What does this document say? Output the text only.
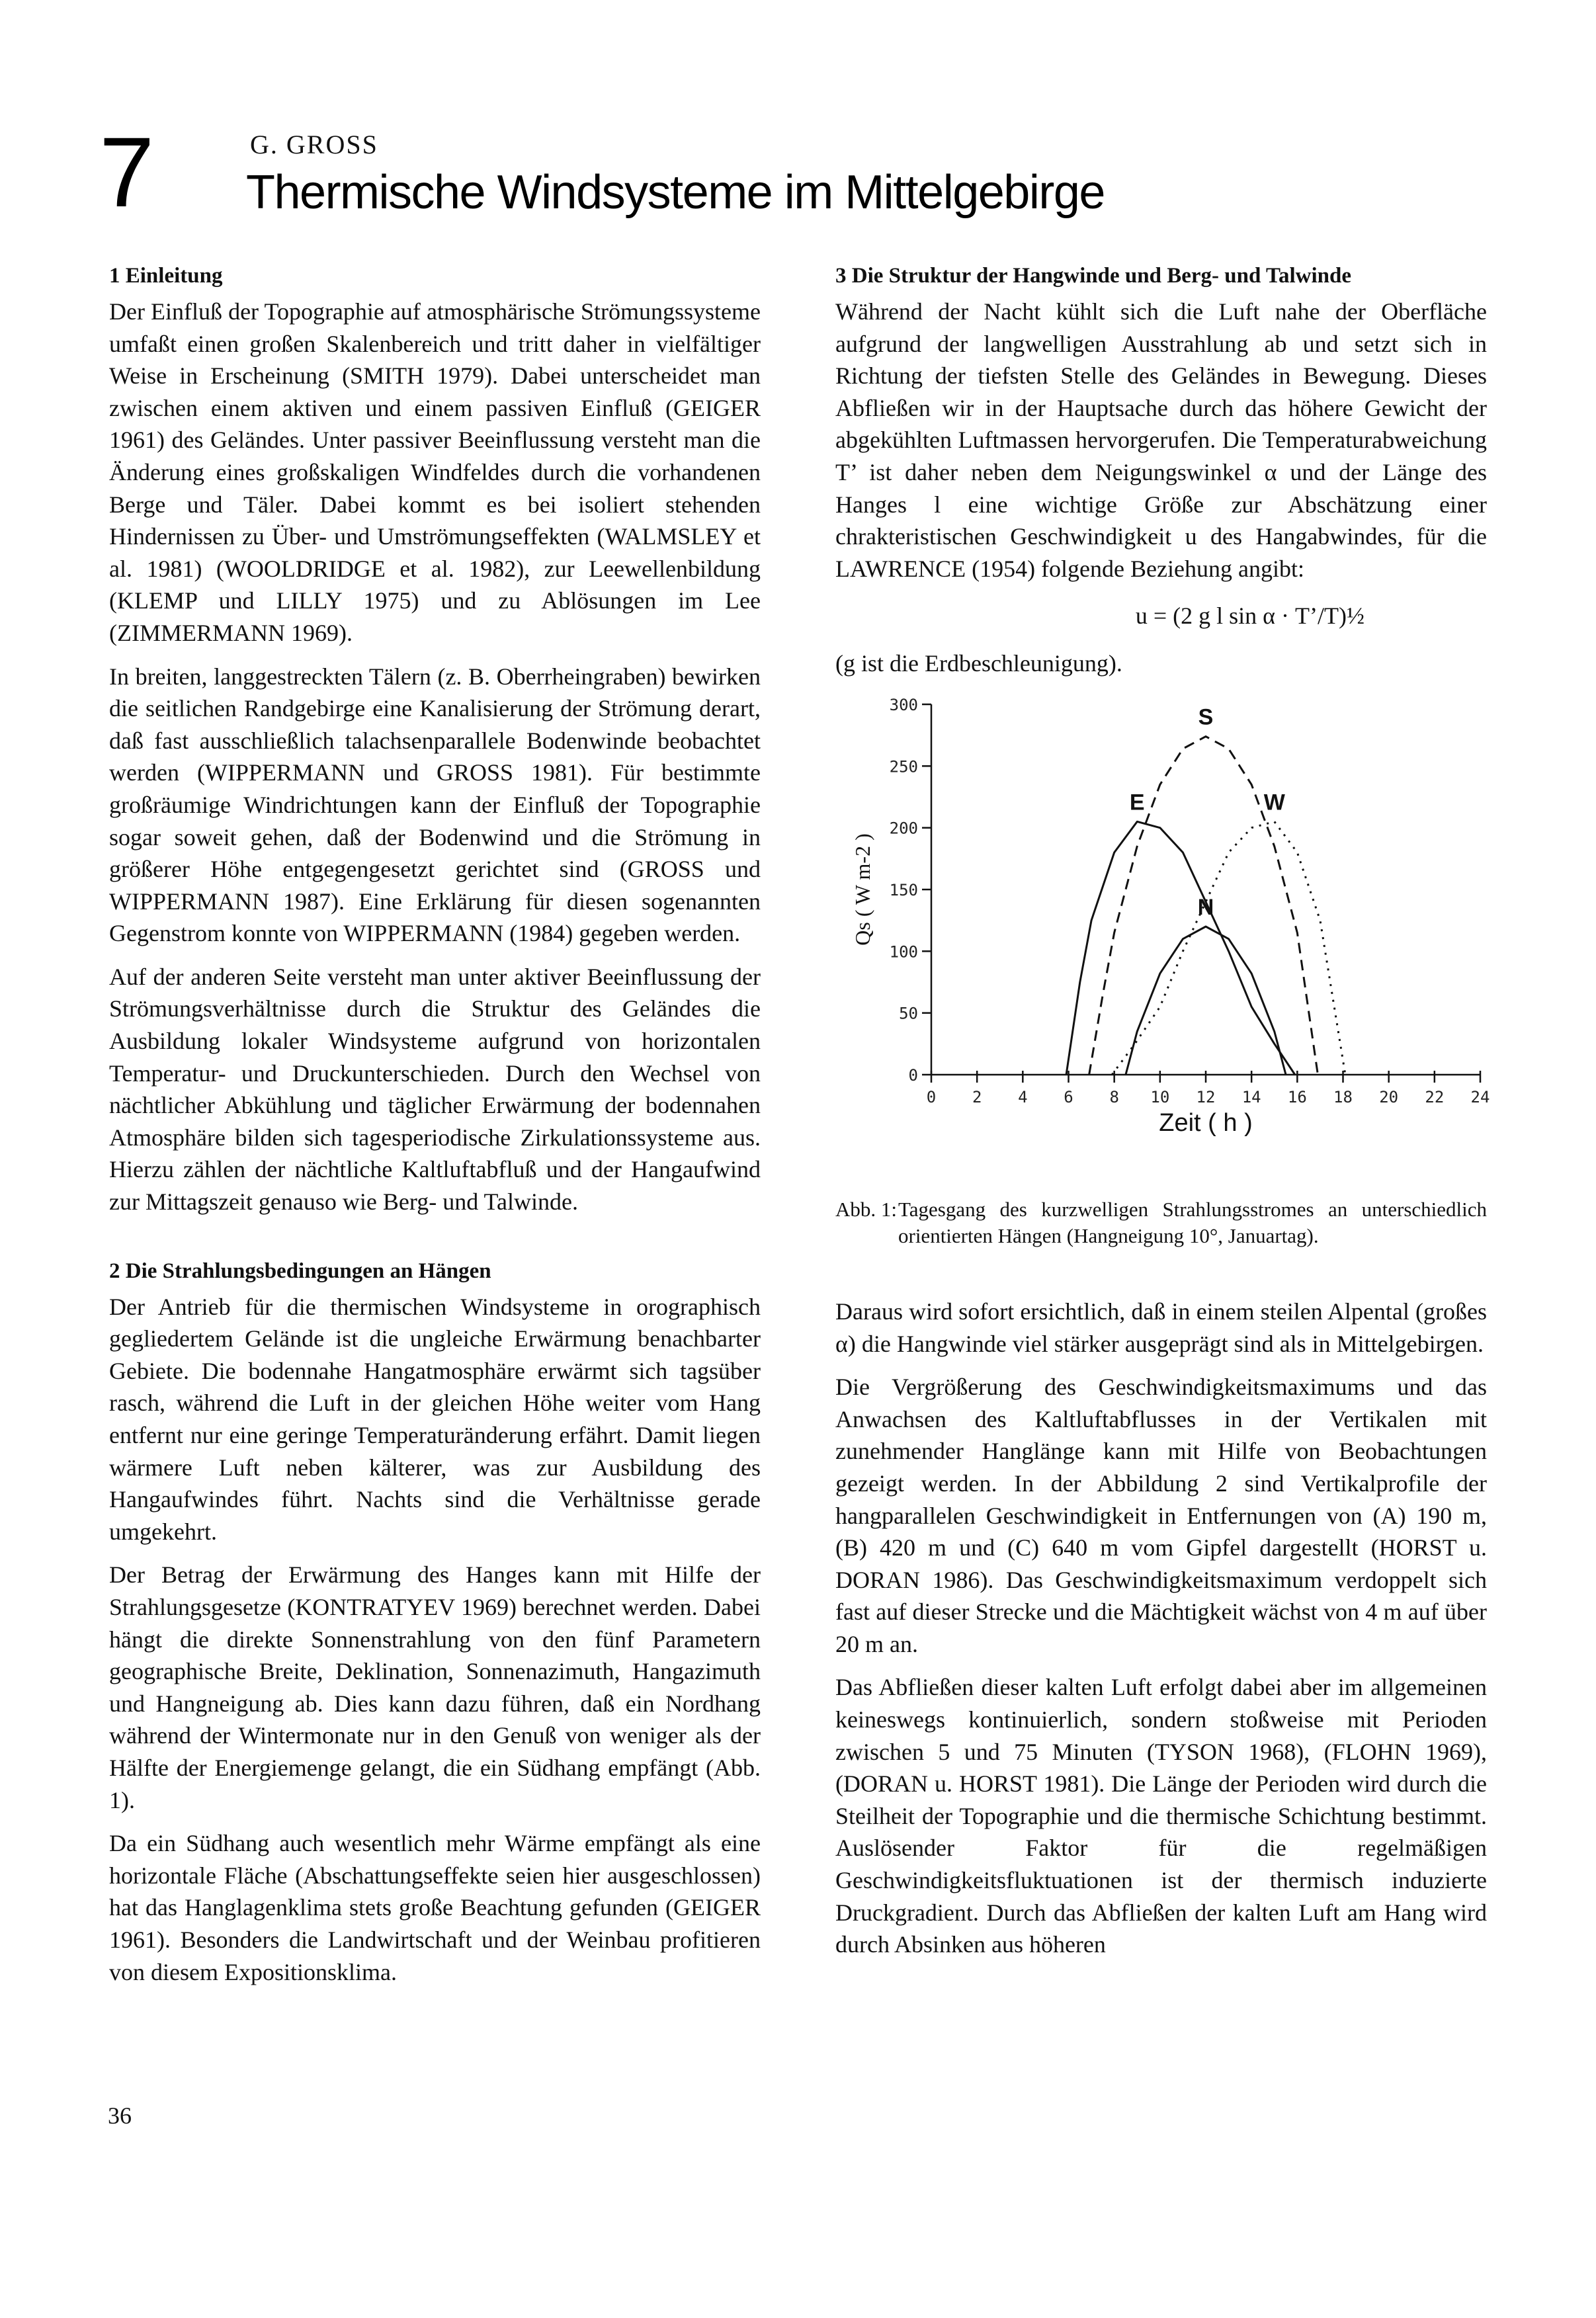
7	G. GROSS
Thermische Windsysteme im Mittelgebirge
1 Einleitung

Der Einfluß der Topographie auf atmosphärische Strömungssysteme umfaßt einen großen Skalenbereich und tritt daher in vielfältiger Weise in Erscheinung (SMITH 1979). Dabei unterscheidet man zwischen einem aktiven und einem passiven Einfluß (GEIGER 1961) des Geländes. Unter passiver Beeinflussung versteht man die Änderung eines großskaligen Windfeldes durch die vorhandenen Berge und Täler. Dabei kommt es bei isoliert stehenden Hindernissen zu Über- und Umströmungseffekten (WALMSLEY et al. 1981) (WOOLDRIDGE et al. 1982), zur Leewellenbildung (KLEMP und LILLY 1975) und zu Ablösungen im Lee (ZIMMERMANN 1969).

In breiten, langgestreckten Tälern (z. B. Oberrheingraben) bewirken die seitlichen Randgebirge eine Kanalisierung der Strömung derart, daß fast ausschließlich talachsenparallele Bodenwinde beobachtet werden (WIPPERMANN und GROSS 1981). Für bestimmte großräumige Windrichtungen kann der Einfluß der Topographie sogar soweit gehen, daß der Bodenwind und die Strömung in größerer Höhe entgegengesetzt gerichtet sind (GROSS und WIPPERMANN 1987). Eine Erklärung für diesen sogenannten Gegenstrom konnte von WIPPERMANN (1984) gegeben werden.

Auf der anderen Seite versteht man unter aktiver Beeinflussung der Strömungsverhältnisse durch die Struktur des Geländes die Ausbildung lokaler Windsysteme aufgrund von horizontalen Temperatur- und Druckunterschieden. Durch den Wechsel von nächtlicher Abkühlung und täglicher Erwärmung der bodennahen Atmosphäre bilden sich tagesperiodische Zirkulationssysteme aus. Hierzu zählen der nächtliche Kaltluftabfluß und der Hangaufwind zur Mittagszeit genauso wie Berg- und Talwinde.

2 Die Strahlungsbedingungen an Hängen

Der Antrieb für die thermischen Windsysteme in orographisch gegliedertem Gelände ist die ungleiche Erwärmung benachbarter Gebiete. Die bodennahe Hangatmosphäre erwärmt sich tagsüber rasch, während die Luft in der gleichen Höhe weiter vom Hang entfernt nur eine geringe Temperaturänderung erfährt. Damit liegen wärmere Luft neben kälterer, was zur Ausbildung des Hangaufwindes führt. Nachts sind die Verhältnisse gerade umgekehrt.

Der Betrag der Erwärmung des Hanges kann mit Hilfe der Strahlungsgesetze (KONTRATYEV 1969) berechnet werden. Dabei hängt die direkte Sonnenstrahlung von den fünf Parametern geographische Breite, Deklination, Sonnenazimuth, Hangazimuth und Hangneigung ab. Dies kann dazu führen, daß ein Nordhang während der Wintermonate nur in den Genuß von weniger als der Hälfte der Energiemenge gelangt, die ein Südhang empfängt (Abb. 1).

Da ein Südhang auch wesentlich mehr Wärme empfängt als eine horizontale Fläche (Abschattungseffekte seien hier ausgeschlossen) hat das Hanglagenklima stets große Beachtung gefunden (GEIGER 1961). Besonders die Landwirtschaft und der Weinbau profitieren von diesem Expositionsklima.

3 Die Struktur der Hangwinde und Berg- und Talwinde

Während der Nacht kühlt sich die Luft nahe der Oberfläche aufgrund der langwelligen Ausstrahlung ab und setzt sich in Richtung der tiefsten Stelle des Geländes in Bewegung. Dieses Abfließen wir in der Hauptsache durch das höhere Gewicht der abgekühlten Luftmassen hervorgerufen. Die Temperaturabweichung T’ ist daher neben dem Neigungswinkel α und der Länge des Hanges l eine wichtige Größe zur Abschätzung einer chrakteristischen Geschwindigkeit u des Hangabwindes, für die LAWRENCE (1954) folgende Beziehung angibt:

u = (2 g l sin α · T’/T)½

(g ist die Erdbeschleunigung).

0 2 4 6 8 10 12 14 16 18 20 22 24
0
50
100
150
200
250
300
Zeit ( h )
Qs ( W m-2 )
S
E	W
N
Abb. 1: Tagesgang des kurzwelligen Strahlungsstromes an unterschiedlich orientierten Hängen (Hangneigung 10°, Januartag).

Daraus wird sofort ersichtlich, daß in einem steilen Alpental (großes α) die Hangwinde viel stärker ausgeprägt sind als in Mittelgebirgen.

Die Vergrößerung des Geschwindigkeitsmaximums und das Anwachsen des Kaltluftabflusses in der Vertikalen mit zunehmender Hanglänge kann mit Hilfe von Beobachtungen gezeigt werden. In der Abbildung 2 sind Vertikalprofile der hangparallelen Geschwindigkeit in Entfernungen von (A) 190 m, (B) 420 m und (C) 640 m vom Gipfel dargestellt (HORST u. DORAN 1986). Das Geschwindigkeitsmaximum verdoppelt sich fast auf dieser Strecke und die Mächtigkeit wächst von 4 m auf über 20 m an.

Das Abfließen dieser kalten Luft erfolgt dabei aber im allgemeinen keineswegs kontinuierlich, sondern stoßweise mit Perioden zwischen 5 und 75 Minuten (TYSON 1968), (FLOHN 1969), (DORAN u. HORST 1981). Die Länge der Perioden wird durch die Steilheit der Topographie und die thermische Schichtung bestimmt. Auslösender Faktor für die regelmäßigen Geschwindigkeitsfluktuationen ist der thermisch induzierte Druckgradient. Durch das Abfließen der kalten Luft am Hang wird durch Absinken aus höheren

36
